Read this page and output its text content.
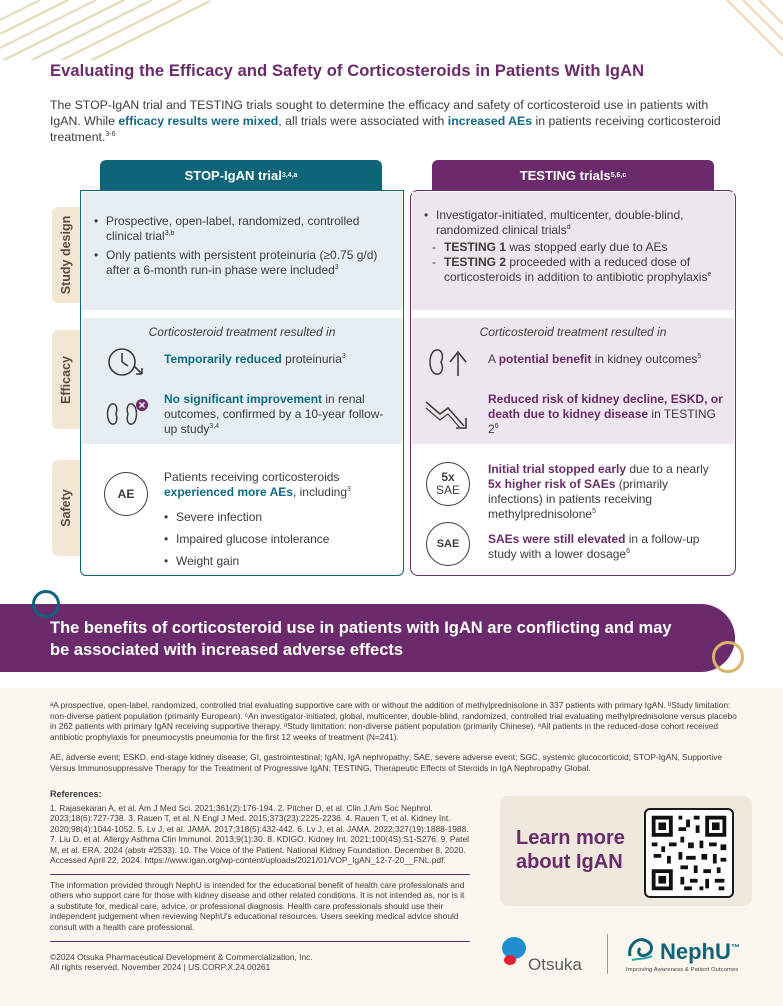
Evaluating the Efficacy and Safety of Corticosteroids in Patients With IgAN
The STOP-IgAN trial and TESTING trials sought to determine the efficacy and safety of corticosteroid use in patients with IgAN. While efficacy results were mixed, all trials were associated with increased AEs in patients receiving corticosteroid treatment.$^{3-6}$
STOP-IgAN trial 3,4,a	TESTING trials 5,6,c
Study design
Efficacy
Safety
• Prospective, open-label, randomized, controlled clinical trial$^{3,b}$
• Only patients with persistent proteinuria (≥0.75 g/d) after a 6-month run-in phase were included$^3$
• Investigator-initiated, multicenter, double-blind, randomized clinical trials$^d$
- TESTING 1 was stopped early due to AEs
- TESTING 2 proceeded with a reduced dose of corticosteroids in addition to antibiotic prophylaxis$^e$
Corticosteroid treatment resulted in
Temporarily reduced proteinuria$^3$
No significant improvement in renal outcomes, confirmed by a 10-year follow-up study$^{3,4}$
Corticosteroid treatment resulted in
A potential benefit in kidney outcomes$^5$
Reduced risk of kidney decline, ESKD, or death due to kidney disease in TESTING $2^6$
AE
Patients receiving corticosteroids experienced more AEs, including$^3$
• Severe infection
• Impaired glucose intolerance
• Weight gain
5x
SAE
Initial trial stopped early due to a nearly 5x higher risk of SAEs (primarily infections) in patients receiving methylprednisolone$^5$
SAE SAEs were still elevated in a follow-up study with a lower dosage$^6$
The benefits of corticosteroid use in patients with IgAN are conflicting and may be associated with increased adverse effects
ᵃA prospective, open-label, randomized, controlled trial evaluating supportive care with or without the addition of methylprednisolone in 337 patients with primary IgAN. ᵇStudy limitation: non-diverse patient population (primarily European). ᶜAn investigator-initiated, global, multicenter, double-blind, randomized, controlled trial evaluating methylprednisolone versus placebo in 262 patients with primary IgAN receiving supportive therapy. ᵈStudy limitation: non-diverse patient population (primarily Chinese). ᵉAll patients in the reduced-dose cohort received antibiotic prophylaxis for pneumocystis pneumonia for the first 12 weeks of treatment (N=241).
AE, adverse event; ESKD, end-stage kidney disease; GI, gastrointestinal; IgAN, IgA nephropathy; SAE, severe adverse event; SGC, systemic glucocorticoid; STOP-IgAN, Supportive Versus Immunosuppressive Therapy for the Treatment of Progressive IgAN; TESTING, Therapeutic Effects of Steroids in IgA Nephropathy Global.
References:
1. Rajasekaran A, et al. Am J Med Sci. 2021;361(2):176-194. 2. Pitcher D, et al. Clin J Am Soc Nephrol. 2023;18(6):727-738. 3. Rauen T, et al. N Engl J Med. 2015;373(23):2225-2236. 4. Rauen T, et al. Kidney Int. 2020;98(4):1044-1052. 5. Lv J, et al. JAMA. 2017;318(5):432-442. 6. Lv J, et al. JAMA. 2022;327(19):1888-1988. 7. Liu D, et al. Allergy Asthma Clin Immunol. 2013;9(1):30. 8. KDIGO. Kidney Int. 2021;100(4S):S1-S276. 9. Patel M, et al. ERA. 2024 (abstr #2533). 10. The Voice of the Patient. National Kidney Foundation. December 8, 2020. Accessed April 22, 2024. https://www.igan.org/wp-content/uploads/2021/01/VOP_IgAN_12-7-20__FNL.pdf.
The information provided through NephU is intended for the educational benefit of health care professionals and others who support care for those with kidney disease and other related conditions. It is not intended as, nor is it a substitute for, medical care, advice, or professional diagnosis. Health care professionals should use their independent judgement when reviewing NephU's educational resources. Users seeking medical advice should consult with a health care professional.
©2024 Otsuka Pharmaceutical Development & Commercialization, Inc.
All rights reserved. November 2024 | US.CORP.X.24.00261
Learn more about IgAN
Otsuka
NephU™
Improving Awareness & Patient Outcomes
